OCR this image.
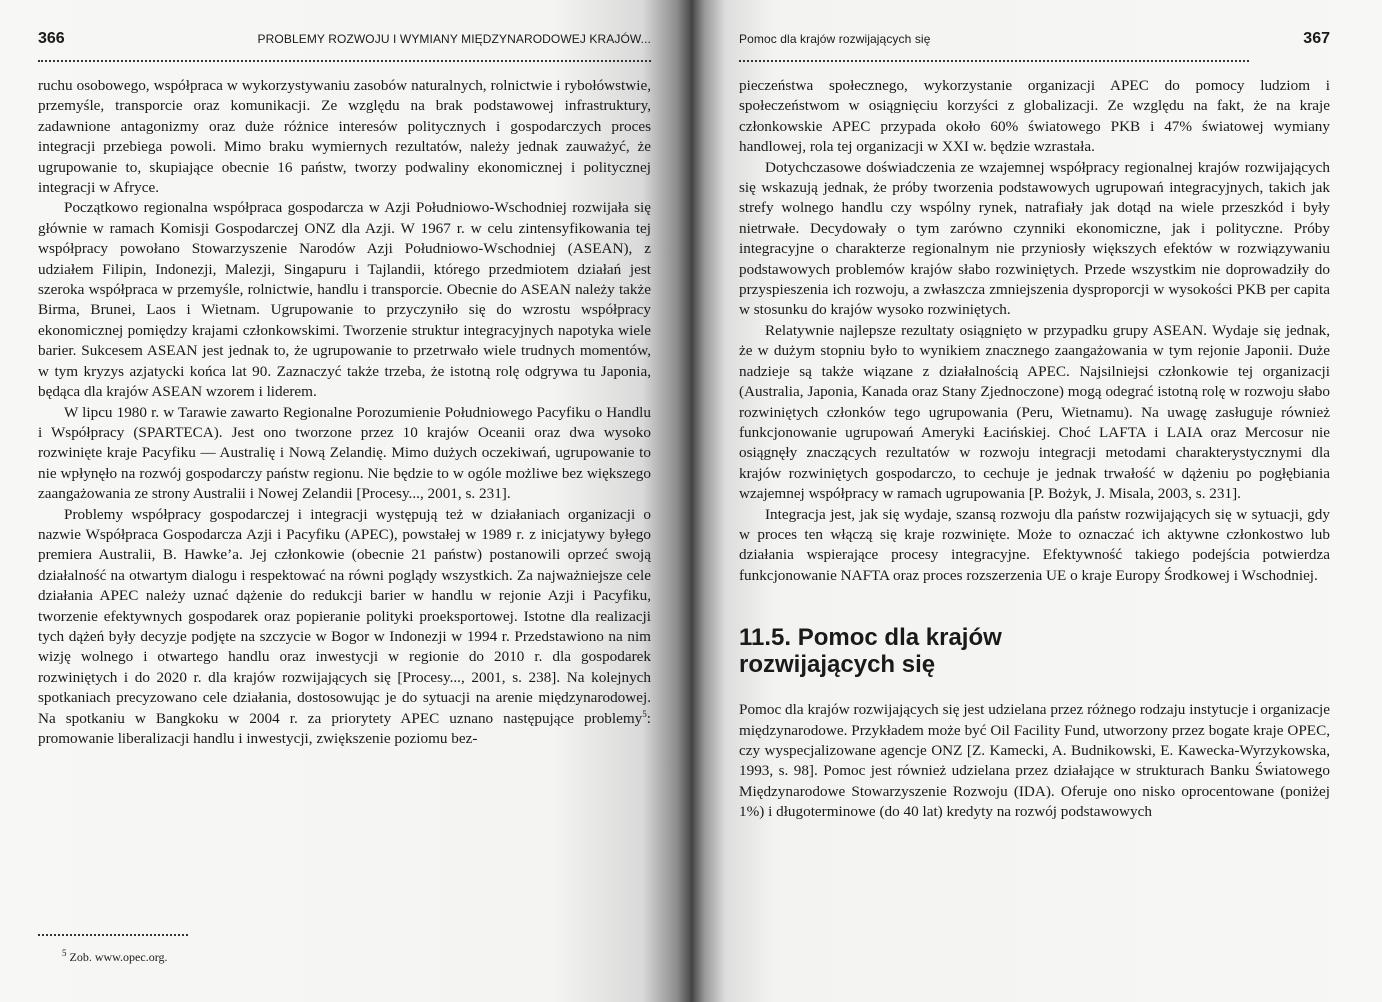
366	PROBLEMY ROZWOJU I WYMIANY MIĘDZYNARODOWEJ KRAJÓW...

ruchu osobowego, współpraca w wykorzystywaniu zasobów naturalnych, rolnictwie i rybołówstwie, przemyśle, transporcie oraz komunikacji. Ze względu na brak podstawowej infrastruktury, zadawnione antagonizmy oraz duże różnice interesów politycznych i gospodarczych proces integracji przebiega powoli. Mimo braku wymiernych rezultatów, należy jednak zauważyć, że ugrupowanie to, skupiające obecnie 16 państw, tworzy podwaliny ekonomicznej i politycznej integracji w Afryce.

Początkowo regionalna współpraca gospodarcza w Azji Południowo-Wschodniej rozwijała się głównie w ramach Komisji Gospodarczej ONZ dla Azji. W 1967 r. w celu zintensyfikowania tej współpracy powołano Stowarzyszenie Narodów Azji Południowo-Wschodniej (ASEAN), z udziałem Filipin, Indonezji, Malezji, Singapuru i Tajlandii, którego przedmiotem działań jest szeroka współpraca w przemyśle, rolnictwie, handlu i transporcie. Obecnie do ASEAN należy także Birma, Brunei, Laos i Wietnam. Ugrupowanie to przyczyniło się do wzrostu współpracy ekonomicznej pomiędzy krajami członkowskimi. Tworzenie struktur integracyjnych napotyka wiele barier. Sukcesem ASEAN jest jednak to, że ugrupowanie to przetrwało wiele trudnych momentów, w tym kryzys azjatycki końca lat 90. Zaznaczyć także trzeba, że istotną rolę odgrywa tu Japonia, będąca dla krajów ASEAN wzorem i liderem.

W lipcu 1980 r. w Tarawie zawarto Regionalne Porozumienie Południowego Pacyfiku o Handlu i Współpracy (SPARTECA). Jest ono tworzone przez 10 krajów Oceanii oraz dwa wysoko rozwinięte kraje Pacyfiku — Australię i Nową Zelandię. Mimo dużych oczekiwań, ugrupowanie to nie wpłynęło na rozwój gospodarczy państw regionu. Nie będzie to w ogóle możliwe bez większego zaangażowania ze strony Australii i Nowej Zelandii [Procesy..., 2001, s. 231].

Problemy współpracy gospodarczej i integracji występują też w działaniach organizacji o nazwie Współpraca Gospodarcza Azji i Pacyfiku (APEC), powstałej w 1989 r. z inicjatywy byłego premiera Australii, B. Hawke’a. Jej członkowie (obecnie 21 państw) postanowili oprzeć swoją działalność na otwartym dialogu i respektować na równi poglądy wszystkich. Za najważniejsze cele działania APEC należy uznać dążenie do redukcji barier w handlu w rejonie Azji i Pacyfiku, tworzenie efektywnych gospodarek oraz popieranie polityki proeksportowej. Istotne dla realizacji tych dążeń były decyzje podjęte na szczycie w Bogor w Indonezji w 1994 r. Przedstawiono na nim wizję wolnego i otwartego handlu oraz inwestycji w regionie do 2010 r. dla gospodarek rozwiniętych i do 2020 r. dla krajów rozwijających się [Procesy..., 2001, s. 238]. Na kolejnych spotkaniach precyzowano cele działania, dostosowując je do sytuacji na arenie międzynarodowej. Na spotkaniu w Bangkoku w 2004 r. za priorytety APEC uznano następujące problemy$^5$: promowanie liberalizacji handlu i inwestycji, zwiększenie poziomu bez-

$^5$ Zob. www.opec.org.
Pomoc dla krajów rozwijających się	367

pieczeństwa społecznego, wykorzystanie organizacji APEC do pomocy ludziom i społeczeństwom w osiągnięciu korzyści z globalizacji. Ze względu na fakt, że na kraje członkowskie APEC przypada około 60% światowego PKB i 47% światowej wymiany handlowej, rola tej organizacji w XXI w. będzie wzrastała.

Dotychczasowe doświadczenia ze wzajemnej współpracy regionalnej krajów rozwijających się wskazują jednak, że próby tworzenia podstawowych ugrupowań integracyjnych, takich jak strefy wolnego handlu czy wspólny rynek, natrafiały jak dotąd na wiele przeszkód i były nietrwałe. Decydowały o tym zarówno czynniki ekonomiczne, jak i polityczne. Próby integracyjne o charakterze regionalnym nie przyniosły większych efektów w rozwiązywaniu podstawowych problemów krajów słabo rozwiniętych. Przede wszystkim nie doprowadziły do przyspieszenia ich rozwoju, a zwłaszcza zmniejszenia dysproporcji w wysokości PKB per capita w stosunku do krajów wysoko rozwiniętych.

Relatywnie najlepsze rezultaty osiągnięto w przypadku grupy ASEAN. Wydaje się jednak, że w dużym stopniu było to wynikiem znacznego zaangażowania w tym rejonie Japonii. Duże nadzieje są także wiązane z działalnością APEC. Najsilniejsi członkowie tej organizacji (Australia, Japonia, Kanada oraz Stany Zjednoczone) mogą odegrać istotną rolę w rozwoju słabo rozwiniętych członków tego ugrupowania (Peru, Wietnamu). Na uwagę zasługuje również funkcjonowanie ugrupowań Ameryki Łacińskiej. Choć LAFTA i LAIA oraz Mercosur nie osiągnęły znaczących rezultatów w rozwoju integracji metodami charakterystycznymi dla krajów rozwiniętych gospodarczo, to cechuje je jednak trwałość w dążeniu po pogłębiania wzajemnej współpracy w ramach ugrupowania [P. Bożyk, J. Misala, 2003, s. 231].

Integracja jest, jak się wydaje, szansą rozwoju dla państw rozwijających się w sytuacji, gdy w proces ten włączą się kraje rozwinięte. Może to oznaczać ich aktywne członkostwo lub działania wspierające procesy integracyjne. Efektywność takiego podejścia potwierdza funkcjonowanie NAFTA oraz proces rozszerzenia UE o kraje Europy Środkowej i Wschodniej.

11.5. Pomoc dla krajów
rozwijających się

Pomoc dla krajów rozwijających się jest udzielana przez różnego rodzaju instytucje i organizacje międzynarodowe. Przykładem może być Oil Facility Fund, utworzony przez bogate kraje OPEC, czy wyspecjalizowane agencje ONZ [Z. Kamecki, A. Budnikowski, E. Kawecka-Wyrzykowska, 1993, s. 98]. Pomoc jest również udzielana przez działające w strukturach Banku Światowego Międzynarodowe Stowarzyszenie Rozwoju (IDA). Oferuje ono nisko oprocentowane (poniżej 1%) i długoterminowe (do 40 lat) kredyty na rozwój podstawowych
